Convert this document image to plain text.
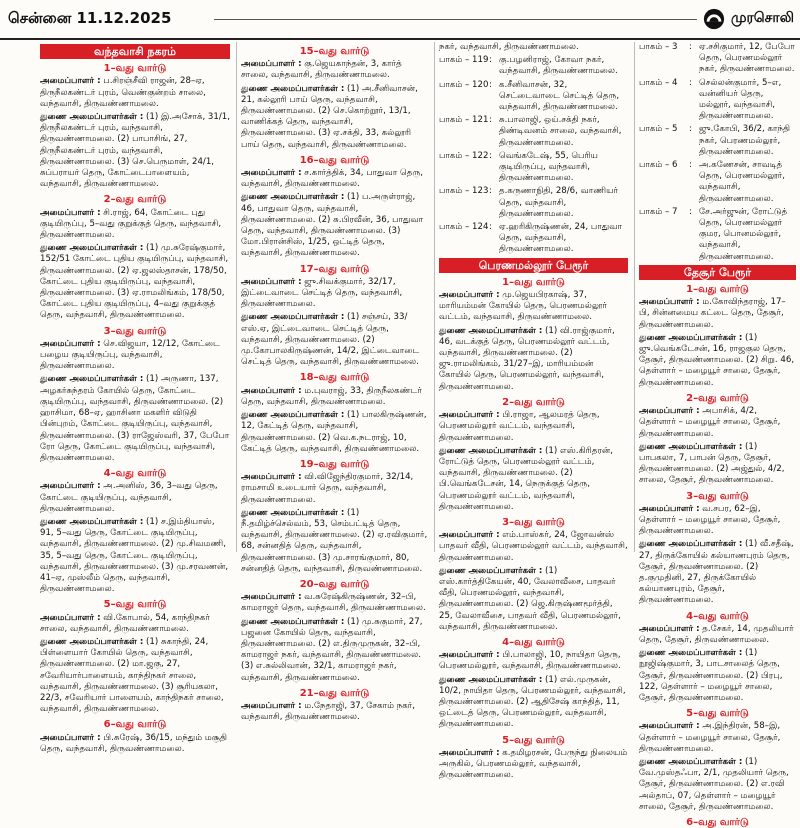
சென்னை 11.12.2025	முரசொலி
வந்தவாசி நகரம்
1–வது வார்டு
அமைப்பாளர் : ப.சிரஞ்சீவி ராஜன், 28–ஏ, திருநீலகண்டர் புரம், வெண்குன்றம் சாலை, வந்தவாசி, திருவண்ணாமலை.
துணை அமைப்பாளர்கள் : (1) இ.அசோக், 31/1, திருநீலகண்டர் புரம், வந்தவாசி, திருவண்ணாமலை. (2) பாபாசிங், 27, திருநீலகண்டர் புரம், வந்தவாசி, திருவண்ணாமலை. (3) செ.பெருமாள், 24/1, சுப்பராயர் தெரு, கோட்டைபாளையம், வந்தவாசி, திருவண்ணாமலை.
2–வது வார்டு
அமைப்பாளர் : சி.ராஜ், 64, கோட்டை புது குடியிருப்பு, 5–வது குறுக்குத் தெரு, வந்தவாசி, திருவண்ணாமலை.
துணை அமைப்பாளர்கள் : (1) மு.சுரேஷ்குமார், 152/51 கோட்டை புதிய குடியிருப்பு, வந்தவாசி, திருவண்ணாமலை. (2) ஏ.ஜலஸ்தாசன், 178/50, கோட்டை புதிய குடியிருப்பு, வந்தவாசி, திருவண்ணாமலை. (3) ஏ.ராமலிங்கம், 178/50, கோட்டை புதிய குடியிருப்பு, 4–வது குறுக்குத் தெரு, வந்தவாசி, திருவண்ணாமலை.
3–வது வார்டு
அமைப்பாளர் : செ.விஜயா, 12/12, கோட்டை பழைய குடியிருப்பு, வந்தவாசி, திருவண்ணாமலை.
துணை அமைப்பாளர்கள் : (1) அருணா, 137, அழகர்சுந்தரம் கோயில் தெரு, கோட்டை குடியிருப்பு, வந்தவாசி, திருவண்ணாமலை. (2) ஹாசிமா, 68–ஏ, ஹாசினா மகளிர் விடுதி பின்புறம், கோட்டை குடியிருப்பு, வந்தவாசி, திருவண்ணாமலை. (3) ராஜேஸ்வரி, 37, பேபோ ரோ தெரு, கோட்டை குடியிருப்பு, வந்தவாசி, திருவண்ணாமலை.
4–வது வார்டு
அமைப்பாளர் : அ.அனிஸ், 36, 3–வது தெரு, கோட்டை குடியிருப்பு, வந்தவாசி, திருவண்ணாமலை.
துணை அமைப்பாளர்கள் : (1) ச.இம்தியாஸ், 91, 5–வது தெரு, கோட்டை குடியிருப்பு, வந்தவாசி, திருவண்ணாமலை. (2) மு.சிவமணி, 35, 5–வது தெரு, கோட்டை குடியிருப்பு, வந்தவாசி, திருவண்ணாமலை. (3) மு.சரவணன், 41–ஏ, முஸ்லீம் தெரு, வந்தவாசி, திருவண்ணாமலை.
5–வது வார்டு
அமைப்பாளர் : வி.கோபால், 54, காந்திநகர் சாலை, வந்தவாசி, திருவண்ணாமலை.
துணை அமைப்பாளர்கள் : (1) சுகாந்தி, 24, பிள்ளையார் கோயில் தெரு, வந்தவாசி, திருவண்ணாமலை. (2) மா.ஜகு, 27, சவேரியார்பாளையம், காந்திநகர் சாலை, வந்தவாசி, திருவண்ணாமலை. (3) சூரியகலா, 22/3, சவேரியார் பாளையம், காந்திநகர் சாலை, வந்தவாசி, திருவண்ணாமலை.
6–வது வார்டு
அமைப்பாளர் : பி.சுரேஷ், 36/15, மந்தும் மசூதி தெரு, வந்தவாசி, திருவண்ணாமலை.
15–வது வார்டு
அமைப்பாளர் : கு.ஜெயகாந்தன், 3, கார்த் சாலை, வந்தவாசி, திருவண்ணாமலை.
துணை அமைப்பாளர்கள் : (1) அ.சீனிவாசன், 21, கல்லூரி பாய் தெரு, வந்தவாசி, திருவண்ணாமலை. (2) செ.கொற்றூர், 13/1, வாணிக்கத் தெரு, வந்தவாசி, திருவண்ணாமலை. (3) ஏ.சக்தி, 33, கல்லூரி பாய் தெரு, வந்தவாசி, திருவண்ணாமலை.
16–வது வார்டு
அமைப்பாளர் : ச.கார்த்திக், 34, பாதுவா தெரு, வந்தவாசி, திருவண்ணாமலை.
துணை அமைப்பாளர்கள் : (1) ப.அருள்ராஜ், 46, பாதுவா தெரு, வந்தவாசி, திருவண்ணாமலை. (2) சு.பிரவீன், 36, பாதுவா தெரு, வந்தவாசி, திருவண்ணாமலை. (3) மோ.பிரான்சிஸ், 1/25, ஒட்டித் தெரு, வந்தவாசி, திருவண்ணாமலை.
17–வது வார்டு
அமைப்பாளர் : ஜு.சிவக்குமார், 32/17, இட்டைவாடை செட்டித் தெரு, வந்தவாசி, திருவண்ணாமலை.
துணை அமைப்பாளர்கள் : (1) சஞ்சய், 33/எஸ்.ஏ, இட்டைவாடை செட்டித் தெரு, வந்தவாசி, திருவண்ணாமலை. (2) மு.கோபாலகிருஷ்ணன், 14/2, இட்டைவாடை செட்டித் தெரு, வந்தவாசி, திருவண்ணாமலை.
18–வது வார்டு
அமைப்பாளர் : ம.புவராஜ், 33, திருநீலகண்டர் தெரு, வந்தவாசி, திருவண்ணாமலை.
துணை அமைப்பாளர்கள் : (1) பாலகிருஷ்ணன், 12, கேட்டித் தெரு, வந்தவாசி, திருவண்ணாமலை. (2) வெ.க.நடராஜ், 10, கேட்டித் தெரு, வந்தவாசி, திருவண்ணாமலை.
19–வது வார்டு
அமைப்பாளர் : வி.விஜேந்திரகுமார், 32/14, ராமசாமி உடையார் தெரு, வந்தவாசி, திருவண்ணாமலை.
துணை அமைப்பாளர்கள் : (1) நீ.தமிழ்ச்செல்வம், 53, செம்பட்டித் தெரு, வந்தவாசி, திருவண்ணாமலை. (2) ஏ.ரவிகுமார், 68, சன்னதித் தெரு, வந்தவாசி, திருவண்ணாமலை. (3) மு.சாரங்குமார், 80, சன்னதித் தெரு, வந்தவாசி, திருவண்ணாமலை.
20–வது வார்டு
அமைப்பாளர் : வ.சுரேஷ்கிருஷ்ணன், 32–பி, காமராஜர் தெரு, வந்தவாசி, திருவண்ணாமலை.
துணை அமைப்பாளர்கள் : (1) மு.சுகுமார், 27, பஜனை கோயில் தெரு, வந்தவாசி, திருவண்ணாமலை. (2) எ.திருமுருகன், 32–பி, காமராஜர் நகர், வந்தவாசி, திருவண்ணாமலை. (3) எ.சுல்லிவான், 32/1, காமராஜர் நகர், வந்தவாசி, திருவண்ணாமலை.
21–வது வார்டு
அமைப்பாளர் : ம.நேதாஜி, 37, சேகாம் நகர், வந்தவாசி, திருவண்ணாமலை.
நகர், வந்தவாசி, திருவண்ணாமலை.
பாகம் – 119 : கு.பழனிராஜ், கோவா நகர், வந்தவாசி, திருவண்ணாமலை.
பாகம் – 120 : க.சீனிவாசன், 32, செட்டைவாடை செட்டித் தெரு, வந்தவாசி, திருவண்ணாமலை.
பாகம் – 121 : சு.பாலாஜி, ஒய்.சக்தி நகர், திண்டிவனம் சாலை, வந்தவாசி, திருவண்ணாமலை.
பாகம் – 122 : வெங்கடேஷ், 55, பெரிய குடியிருப்பு, வந்தவாசி, திருவண்ணாமலை.
பாகம் – 123 : த.கருணாநிதி, 28/6, வாணியர் தெரு, வந்தவாசி, திருவண்ணாமலை.
பாகம் – 124 : ஏ.ஹரிகிருஷ்ணன், 24, பாதுவா தெரு, வந்தவாசி, திருவண்ணாமலை.
பெரணமல்லூர் பேரூர்
1–வது வார்டு
அமைப்பாளர் : மு.ஜெயபிரகாஷ், 37, மாரியம்மன் கோயில் தெரு, பெரணமல்லூர் வட்டம், வந்தவாசி, திருவண்ணாமலை.
துணை அமைப்பாளர்கள் : (1) வி.ராஜ்குமார், 46, வடக்குத் தெரு, பெரணமல்லூர் வட்டம், வந்தவாசி, திருவண்ணாமலை. (2) ஜு.ராமலிங்கம், 31/27–இ, மாரியம்மன் கோயில் தெரு, பெரணமல்லூர், வந்தவாசி, திருவண்ணாமலை.
2–வது வார்டு
அமைப்பாளர் : பி.ராஜா, ஆலமரத் தெரு, பெரணமல்லூர் வட்டம், வந்தவாசி, திருவண்ணாமலை.
துணை அமைப்பாளர்கள் : (1) எஸ்.கிரிதரன், ரோட்டுத் தெரு, பெரணமல்லூர் வட்டம், வந்தவாசி, திருவண்ணாமலை. (2) பி.வெங்கடேசன், 14, நெருக்குத் தெரு, பெரணமல்லூர் வட்டம், வந்தவாசி, திருவண்ணாமலை.
3–வது வார்டு
அமைப்பாளர் : எம்.பாஸ்கர், 24, ஜோவன்ஸ் பாதவர் வீதி, பெரணமல்லூர் வட்டம், வந்தவாசி, திருவண்ணாமலை.
துணை அமைப்பாளர்கள் : (1) எஸ்.கார்த்திகேயன், 40, வேலாவீசை, பாதவர் வீதி, பெரணமல்லூர், வந்தவாசி, திருவண்ணாமலை. (2) ஜெ.கிருஷ்ணமூர்த்தி, 25, வேலாவீசை, பாதவர் வீதி, பெரணமல்லூர், வந்தவாசி, திருவண்ணாமலை.
4–வது வார்டு
அமைப்பாளர் : பி.பாலாஜி, 10, நாயிதா தெரு, பெரணமல்லூர், வந்தவாசி, திருவண்ணாமலை.
துணை அமைப்பாளர்கள் : (1) எல்.முருகன், 10/2, நாயிதா தெரு, பெரணமல்லூர், வந்தவாசி, திருவண்ணாமலை. (2) ஆதிசேஷ் காந்தித், 11, ஒட்டைத் தெரு, பெரணமல்லூர், வந்தவாசி, திருவண்ணாமலை.
5–வது வார்டு
அமைப்பாளர் : க.தமிழரசன், பேருந்து நிலையம் அருகில், பெரணமல்லூர், வந்தவாசி, திருவண்ணாமலை.
பாகம் – 3	: ஏ.சசிகுமார், 12, பேபோ தெரு, பெரணமல்லூர் நகர், திருவண்ணாமலை.
பாகம் – 4	: செல்லன்குமார், 5–எ, வன்னியர் தெரு, மல்லூர், வந்தவாசி, திருவண்ணாமலை.
பாகம் – 5	: ஜு.கோபி, 36/2, காந்தி நகர், பெரணமல்லூர், திருவண்ணாமலை.
பாகம் – 6	: அ.கணேசன், சாவடித் தெரு, பெரணமல்லூர், வந்தவாசி, திருவண்ணாமலை.
பாகம் – 7	: சே.அர்ஜுன், ரோட்டுத் தெரு, பெரணமல்லூர் குமர, பொனமல்லூர், வந்தவாசி, திருவண்ணாமலை.
தேசூர் பேரூர்
1–வது வார்டு
அமைப்பாளர் : ம.கோவிந்தராஜ், 17–பி, சின்னமைய கட்டை தெரு, தேசூர், திருவண்ணாமலை.
துணை அமைப்பாளர்கள் : (1) ஜு.வெங்கடேசன், 16, ராஜகுல தெரு, தேசூர், திருவண்ணாமலை. (2) சிறு. 46, தெள்ளார் – மழையூர் சாலை, தேசூர், திருவண்ணாமலை.
2–வது வார்டு
அமைப்பாளர் : அபாசிக், 4/2, தெள்ளார் – மழையூர் சாலை, தேசூர், திருவண்ணாமலை.
துணை அமைப்பாளர்கள் : (1) பாபகலா, 7, பாபன் தெரு, தேசூர், திருவண்ணாமலை. (2) அஜ்துல், 4/2, சாலை, தேசூர், திருவண்ணாமலை.
3–வது வார்டு
அமைப்பாளர் : வ.சபர, 62–இ, தெள்ளார் – மழையூர் சாலை, தேசூர், திருவண்ணாமலை.
துணை அமைப்பாளர்கள் : (1) வீ.சதீஷ், 27, திருக்கோயில் கல்யாணபுரம் தெரு, தேசூர், திருவண்ணாமலை. (2) த.குமுதினி, 27, திருக்கோயில் கல்யாணபுரம், தேசூர், திருவண்ணாமலை.
4–வது வார்டு
அமைப்பாளர் : த.சேகர், 14, முதலியார் தெரு, தேசூர், திருவண்ணாமலை.
துணை அமைப்பாளர்கள் : (1) நூஜிஷ்குமார், 3, பாடசாலைத் தெரு, தேசூர், திருவண்ணாமலை. (2) பிரபு, 122, தெள்ளார் – மழையூர் சாலை, தேசூர், திருவண்ணாமலை.
5–வது வார்டு
அமைப்பாளர் : அ.இந்திரன், 58–இ, தெள்ளார் – மழையூர் சாலை, தேசூர், திருவண்ணாமலை.
துணை அமைப்பாளர்கள் : (1) வே.முஸ்தஃபா, 2/1, முதலியார் தெரு, தேசூர், திருவண்ணாமலை. (2) எ.ரவி அல்தாப், 07, தெள்ளார் – மழையூர் சாலை, தேசூர், திருவண்ணாமலை.
6–வது வார்டு
